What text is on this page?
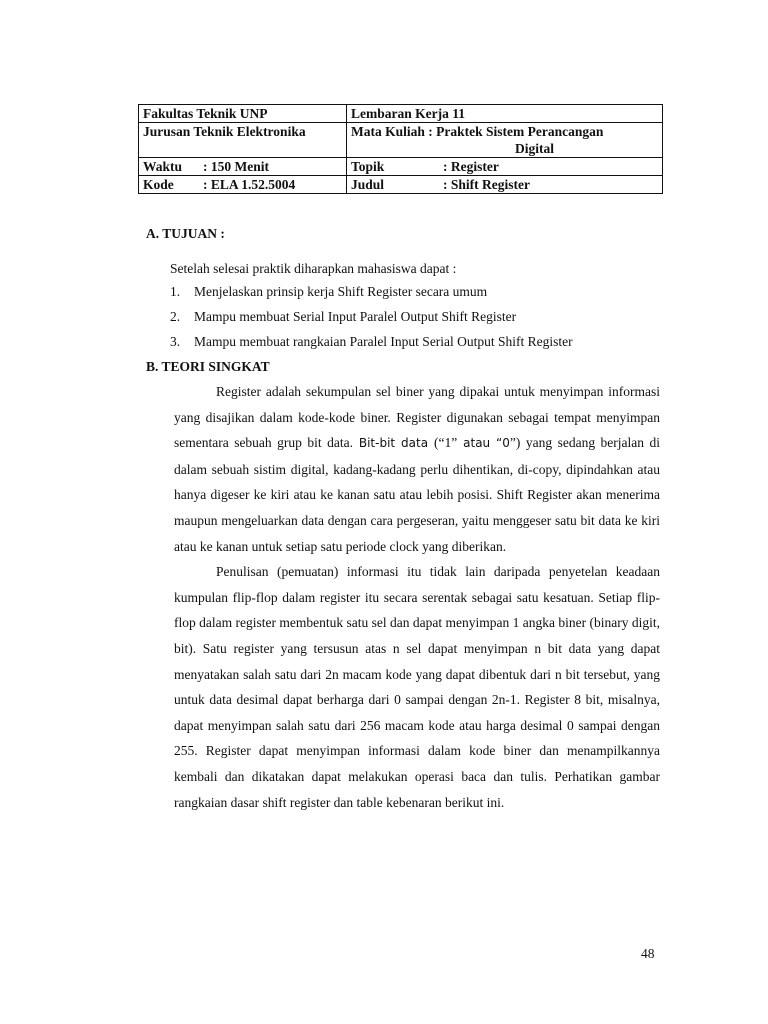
Fakultas Teknik UNP	Lembaran Kerja 11
Jurusan Teknik Elektronika	Mata Kuliah : Praktek Sistem Perancangan
Digital

Waktu : 150 Menit	Topik : Register
Kode : ELA 1.52.5004	Judul : Shift Register
A. TUJUAN :
Setelah selesai praktik diharapkan mahasiswa dapat :
1. Menjelaskan prinsip kerja Shift Register secara umum
2. Mampu membuat Serial Input Paralel Output Shift Register
3. Mampu membuat rangkaian Paralel Input Serial Output Shift Register
B. TEORI SINGKAT

Register adalah sekumpulan sel biner yang dipakai untuk menyimpan informasi yang disajikan dalam kode-kode biner. Register digunakan sebagai tempat menyimpan sementara sebuah grup bit data. Bit-bit data (“1” atau “0”) yang sedang berjalan di dalam sebuah sistim digital, kadang-kadang perlu dihentikan, di-copy, dipindahkan atau hanya digeser ke kiri atau ke kanan satu atau lebih posisi. Shift Register akan menerima maupun mengeluarkan data dengan cara pergeseran, yaitu menggeser satu bit data ke kiri atau ke kanan untuk setiap satu periode clock yang diberikan.

Penulisan (pemuatan) informasi itu tidak lain daripada penyetelan keadaan kumpulan flip-flop dalam register itu secara serentak sebagai satu kesatuan. Setiap flip-flop dalam register membentuk satu sel dan dapat menyimpan 1 angka biner (binary digit, bit). Satu register yang tersusun atas n sel dapat menyimpan n bit data yang dapat menyatakan salah satu dari 2n macam kode yang dapat dibentuk dari n bit tersebut, yang untuk data desimal dapat berharga dari 0 sampai dengan 2n-1. Register 8 bit, misalnya, dapat menyimpan salah satu dari 256 macam kode atau harga desimal 0 sampai dengan 255. Register dapat menyimpan informasi dalam kode biner dan menampilkannya kembali dan dikatakan dapat melakukan operasi baca dan tulis. Perhatikan gambar rangkaian dasar shift register dan table kebenaran berikut ini.

48
